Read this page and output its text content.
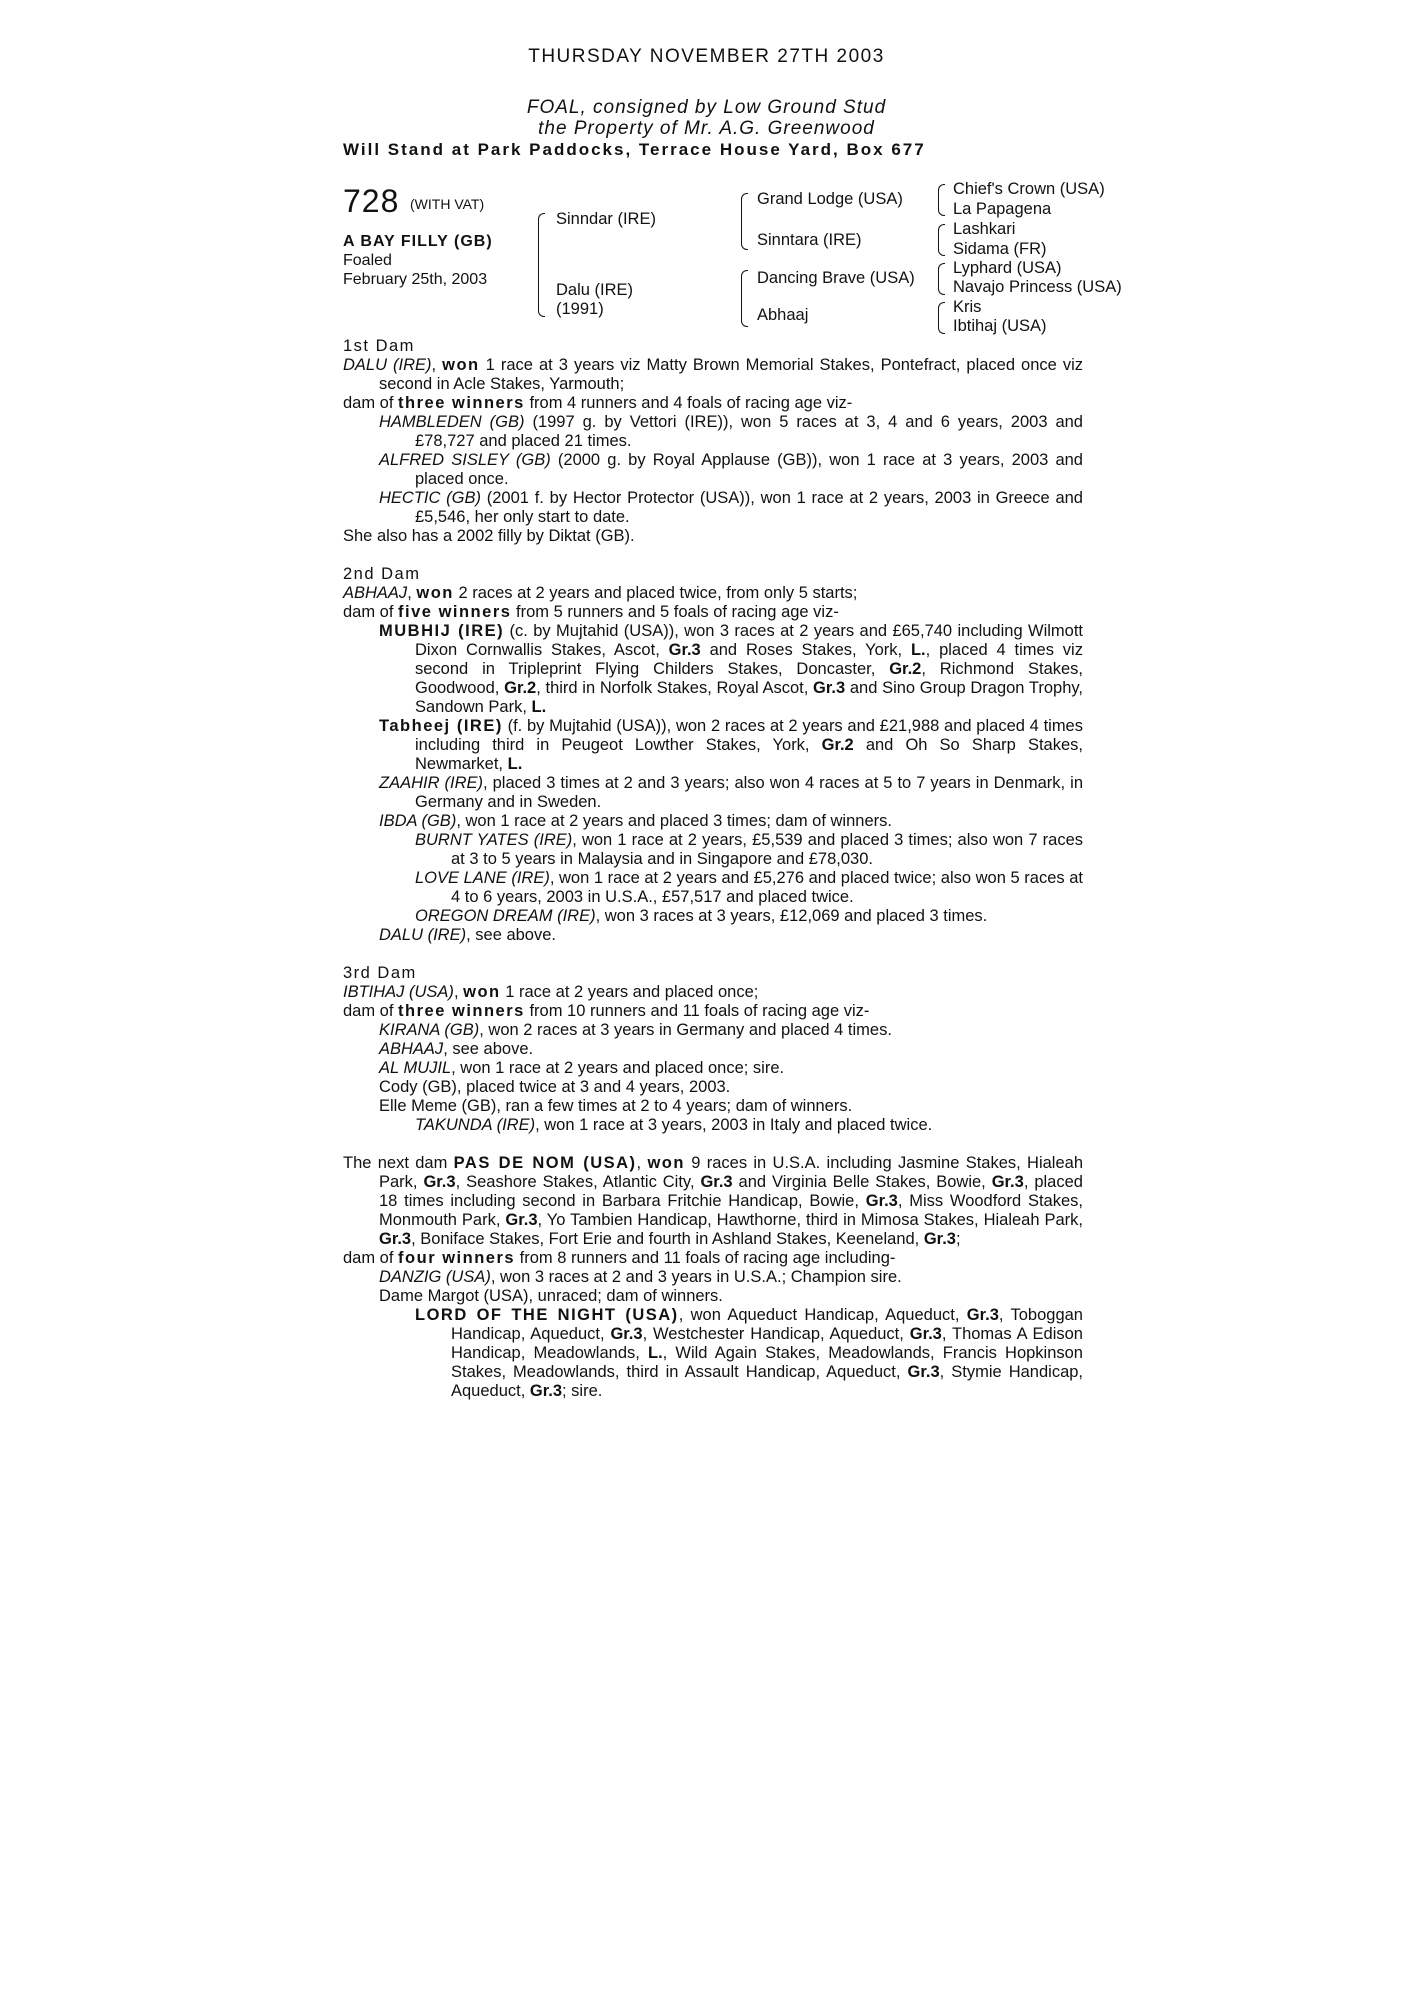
THURSDAY NOVEMBER 27TH 2003
FOAL, consigned by Low Ground Stud
the Property of Mr. A.G. Greenwood
Will Stand at Park Paddocks, Terrace House Yard, Box 677
728 (WITH VAT)
A BAY FILLY (GB)
Foaled
February 25th, 2003
Sinndar (IRE)
Dalu (IRE)
(1991)
Grand Lodge (USA)
Sinntara (IRE)
Dancing Brave (USA)
Abhaaj
Chief's Crown (USA)
La Papagena
Lashkari
Sidama (FR)
Lyphard (USA)
Navajo Princess (USA)
Kris
Ibtihaj (USA)

1st Dam

DALU (IRE), won 1 race at 3 years viz Matty Brown Memorial Stakes, Pontefract, placed once viz second in Acle Stakes, Yarmouth;

dam of three winners from 4 runners and 4 foals of racing age viz-

HAMBLEDEN (GB) (1997 g. by Vettori (IRE)), won 5 races at 3, 4 and 6 years, 2003 and £78,727 and placed 21 times.

ALFRED SISLEY (GB) (2000 g. by Royal Applause (GB)), won 1 race at 3 years, 2003 and placed once.

HECTIC (GB) (2001 f. by Hector Protector (USA)), won 1 race at 2 years, 2003 in Greece and £5,546, her only start to date.

She also has a 2002 filly by Diktat (GB).

2nd Dam

ABHAAJ, won 2 races at 2 years and placed twice, from only 5 starts;

dam of five winners from 5 runners and 5 foals of racing age viz-

MUBHIJ (IRE) (c. by Mujtahid (USA)), won 3 races at 2 years and £65,740 including Wilmott Dixon Cornwallis Stakes, Ascot, Gr.3 and Roses Stakes, York, L., placed 4 times viz second in Tripleprint Flying Childers Stakes, Doncaster, Gr.2, Richmond Stakes, Goodwood, Gr.2, third in Norfolk Stakes, Royal Ascot, Gr.3 and Sino Group Dragon Trophy, Sandown Park, L.

Tabheej (IRE) (f. by Mujtahid (USA)), won 2 races at 2 years and £21,988 and placed 4 times including third in Peugeot Lowther Stakes, York, Gr.2 and Oh So Sharp Stakes, Newmarket, L.

ZAAHIR (IRE), placed 3 times at 2 and 3 years; also won 4 races at 5 to 7 years in Denmark, in Germany and in Sweden.

IBDA (GB), won 1 race at 2 years and placed 3 times; dam of winners.

BURNT YATES (IRE), won 1 race at 2 years, £5,539 and placed 3 times; also won 7 races at 3 to 5 years in Malaysia and in Singapore and £78,030.

LOVE LANE (IRE), won 1 race at 2 years and £5,276 and placed twice; also won 5 races at 4 to 6 years, 2003 in U.S.A., £57,517 and placed twice.

OREGON DREAM (IRE), won 3 races at 3 years, £12,069 and placed 3 times.

DALU (IRE), see above.

3rd Dam

IBTIHAJ (USA), won 1 race at 2 years and placed once;

dam of three winners from 10 runners and 11 foals of racing age viz-

KIRANA (GB), won 2 races at 3 years in Germany and placed 4 times.

ABHAAJ, see above.

AL MUJIL, won 1 race at 2 years and placed once; sire.

Cody (GB), placed twice at 3 and 4 years, 2003.

Elle Meme (GB), ran a few times at 2 to 4 years; dam of winners.

TAKUNDA (IRE), won 1 race at 3 years, 2003 in Italy and placed twice.

The next dam PAS DE NOM (USA), won 9 races in U.S.A. including Jasmine Stakes, Hialeah Park, Gr.3, Seashore Stakes, Atlantic City, Gr.3 and Virginia Belle Stakes, Bowie, Gr.3, placed 18 times including second in Barbara Fritchie Handicap, Bowie, Gr.3, Miss Woodford Stakes, Monmouth Park, Gr.3, Yo Tambien Handicap, Hawthorne, third in Mimosa Stakes, Hialeah Park, Gr.3, Boniface Stakes, Fort Erie and fourth in Ashland Stakes, Keeneland, Gr.3;

dam of four winners from 8 runners and 11 foals of racing age including-

DANZIG (USA), won 3 races at 2 and 3 years in U.S.A.; Champion sire.

Dame Margot (USA), unraced; dam of winners.

LORD OF THE NIGHT (USA), won Aqueduct Handicap, Aqueduct, Gr.3, Toboggan Handicap, Aqueduct, Gr.3, Westchester Handicap, Aqueduct, Gr.3, Thomas A Edison Handicap, Meadowlands, L., Wild Again Stakes, Meadowlands, Francis Hopkinson Stakes, Meadowlands, third in Assault Handicap, Aqueduct, Gr.3, Stymie Handicap, Aqueduct, Gr.3; sire.
